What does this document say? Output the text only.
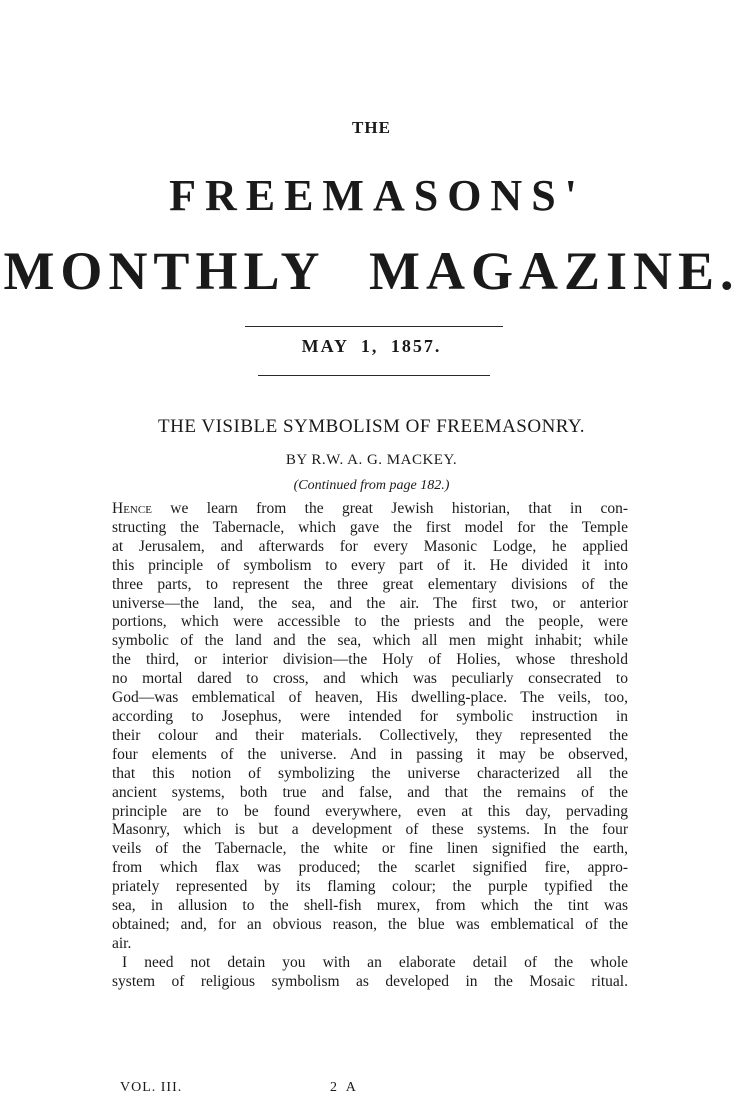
THE
FREEMASONS'
MONTHLY MAGAZINE.
MAY 1, 1857.
THE VISIBLE SYMBOLISM OF FREEMASONRY.
BY R.W. A. G. MACKEY.
(Continued from page 182.)
Hence we learn from the great Jewish historian, that in con-
structing the Tabernacle, which gave the first model for the Temple
at Jerusalem, and afterwards for every Masonic Lodge, he applied
this principle of symbolism to every part of it. He divided it into
three parts, to represent the three great elementary divisions of the
universe—the land, the sea, and the air. The first two, or anterior
portions, which were accessible to the priests and the people, were
symbolic of the land and the sea, which all men might inhabit; while
the third, or interior division—the Holy of Holies, whose threshold
no mortal dared to cross, and which was peculiarly consecrated to
God—was emblematical of heaven, His dwelling-place. The veils, too,
according to Josephus, were intended for symbolic instruction in
their colour and their materials. Collectively, they represented the
four elements of the universe. And in passing it may be observed,
that this notion of symbolizing the universe characterized all the
ancient systems, both true and false, and that the remains of the
principle are to be found everywhere, even at this day, pervading
Masonry, which is but a development of these systems. In the four
veils of the Tabernacle, the white or fine linen signified the earth,
from which flax was produced; the scarlet signified fire, appro-
priately represented by its flaming colour; the purple typified the
sea, in allusion to the shell-fish murex, from which the tint was
obtained; and, for an obvious reason, the blue was emblematical of the
air.
I need not detain you with an elaborate detail of the whole
system of religious symbolism as developed in the Mosaic ritual.
VOL. III.	2 A
